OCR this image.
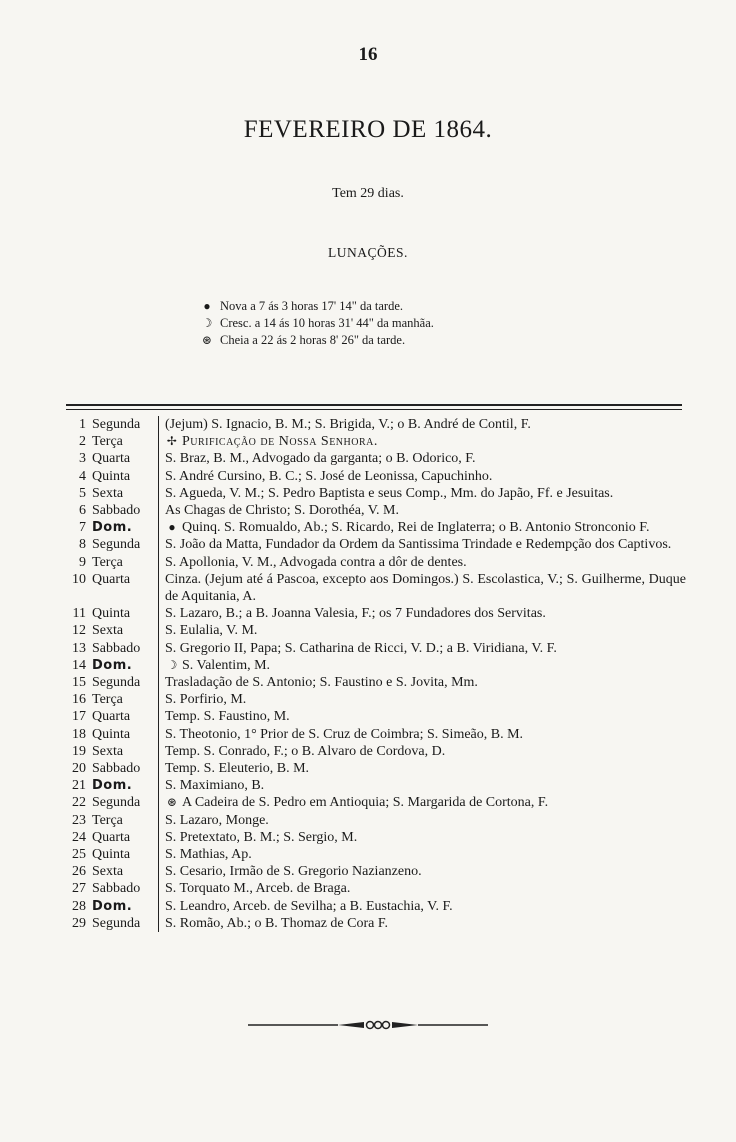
16
FEVEREIRO DE 1864.
Tem 29 dias.
LUNAÇÕES.
● Nova a 7 ás 3 horas 17' 14" da tarde.
☽ Cresc. a 14 ás 10 horas 31' 44" da manhãa.
⊛ Cheia a 22 ás 2 horas 8' 26" da tarde.
1 Segunda	(Jejum) S. Ignacio, B. M.; S. Brigida, V.; o B. André de Contil, F.
2 Terça	✢ Purificação de Nossa Senhora.
3 Quarta	S. Braz, B. M., Advogado da garganta; o B. Odorico, F.
4 Quinta	S. André Cursino, B. C.; S. José de Leonissa, Capuchinho.
5 Sexta	S. Agueda, V. M.; S. Pedro Baptista e seus Comp., Mm. do Japão, Ff. e Jesuitas.
6 Sabbado	As Chagas de Christo; S. Dorothéa, V. M.
7 Dom.	● Quinq. S. Romualdo, Ab.; S. Ricardo, Rei de Inglaterra; o B. Antonio Stronconio F.
8 Segunda	S. João da Matta, Fundador da Ordem da Santissima Trindade e Redempção dos Captivos.
9 Terça	S. Apollonia, V. M., Advogada contra a dôr de dentes.
10 Quarta	Cinza. (Jejum até á Pascoa, excepto aos Domingos.) S. Escolastica, V.; S. Guilherme, Duque de Aquitania, A.
11 Quinta	S. Lazaro, B.; a B. Joanna Valesia, F.; os 7 Fundadores dos Servitas.
12 Sexta	S. Eulalia, V. M.
13 Sabbado	S. Gregorio II, Papa; S. Catharina de Ricci, V. D.; a B. Viridiana, V. F.
14 Dom.	☽ S. Valentim, M.
15 Segunda	Trasladação de S. Antonio; S. Faustino e S. Jovita, Mm.
16 Terça	S. Porfirio, M.
17 Quarta	Temp. S. Faustino, M.
18 Quinta	S. Theotonio, 1° Prior de S. Cruz de Coimbra; S. Simeão, B. M.
19 Sexta	Temp. S. Conrado, F.; o B. Alvaro de Cordova, D.
20 Sabbado	Temp. S. Eleuterio, B. M.
21 Dom.	S. Maximiano, B.
22 Segunda	⊛ A Cadeira de S. Pedro em Antioquia; S. Margarida de Cortona, F.
23 Terça	S. Lazaro, Monge.
24 Quarta	S. Pretextato, B. M.; S. Sergio, M.
25 Quinta	S. Mathias, Ap.
26 Sexta	S. Cesario, Irmão de S. Gregorio Nazianzeno.
27 Sabbado	S. Torquato M., Arceb. de Braga.
28 Dom.	S. Leandro, Arceb. de Sevilha; a B. Eustachia, V. F.
29 Segunda	S. Romão, Ab.; o B. Thomaz de Cora F.
